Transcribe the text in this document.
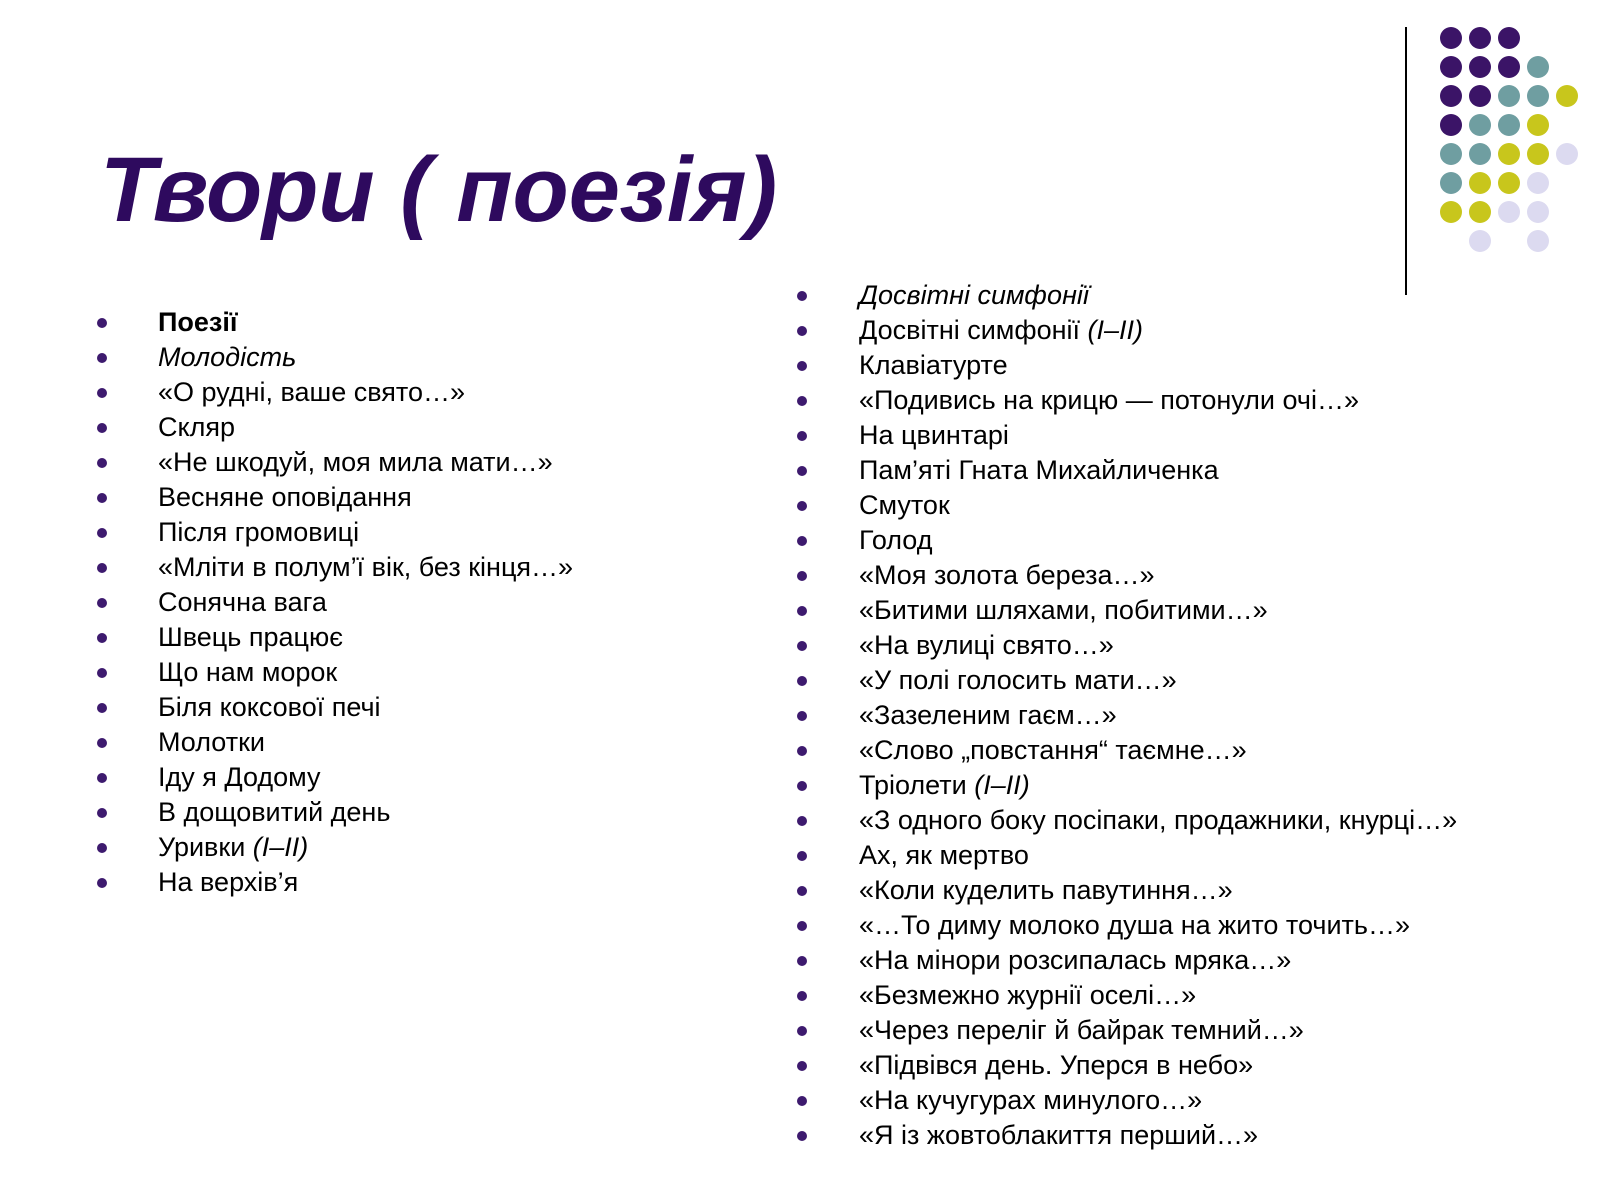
Твори ( поезія)
Поезії
Молодість
«О рудні, ваше свято…»
Скляр
«Не шкодуй, моя мила мати…»
Весняне оповідання
Після громовиці
«Мліти в полум’ї вік, без кінця…»
Сонячна вага
Швець працює
Що нам морок
Біля коксової печі
Молотки
Іду я Додому
В дощовитий день
Уривки (I–II)
На верхів’я
Досвітні симфонії
Досвітні симфонії (I–II)
Клавіатурте
«Подивись на крицю — потонули очі…»
На цвинтарі
Пам’яті Гната Михайличенка
Смуток
Голод
«Моя золота береза…»
«Битими шляхами, побитими…»
«На вулиці свято…»
«У полі голосить мати…»
«Зазеленим гаєм…»
«Слово „повстання“ таємне…»
Тріолети (I–II)
«З одного боку посіпаки, продажники, кнурці…»
Ах, як мертво
«Коли куделить павутиння…»
«…То диму молоко душа на жито точить…»
«На мінори розсипалась мряка…»
«Безмежно журнії оселі…»
«Через переліг й байрак темний…»
«Підвівся день. Уперся в небо»
«На кучугурах минулого…»
«Я із жовтоблакиття перший…»
